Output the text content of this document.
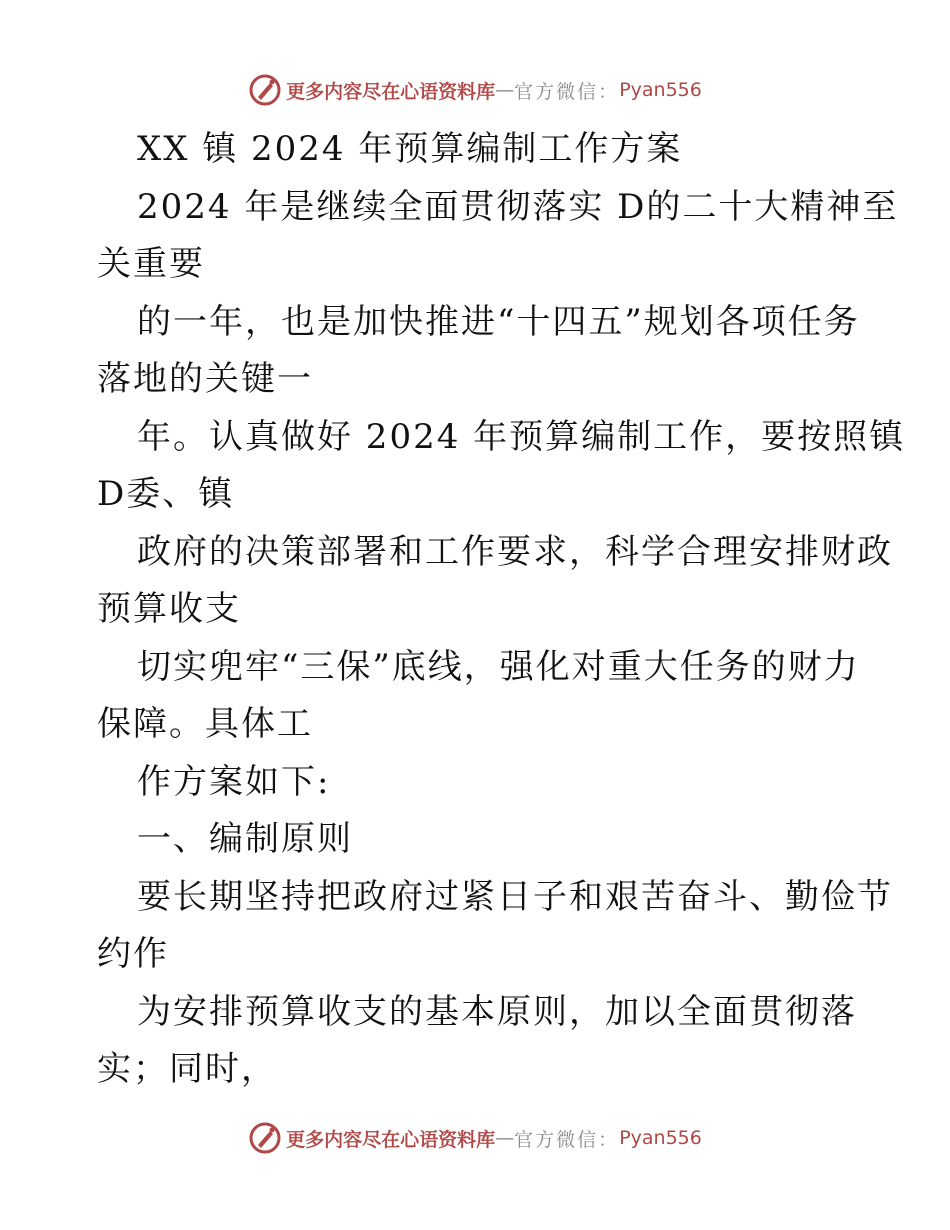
更多内容尽在心语资料库 — 官方微信： Pyan556
XX 镇 2024 年预算编制工作方案
2024 年是继续全面贯彻落实 D的二十大精神至
关重要
的一年，也是加快推进“十四五”规划各项任务
落地的关键一
年。认真做好 2024 年预算编制工作，要按照镇
D委、镇
政府的决策部署和工作要求，科学合理安排财政
预算收支
切实兜牢“三保”底线，强化对重大任务的财力
保障。具体工
作方案如下:
一、编制原则
要长期坚持把政府过紧日子和艰苦奋斗、勤俭节
约作
为安排预算收支的基本原则，加以全面贯彻落
实；同时，
更多内容尽在心语资料库 — 官方微信： Pyan556
